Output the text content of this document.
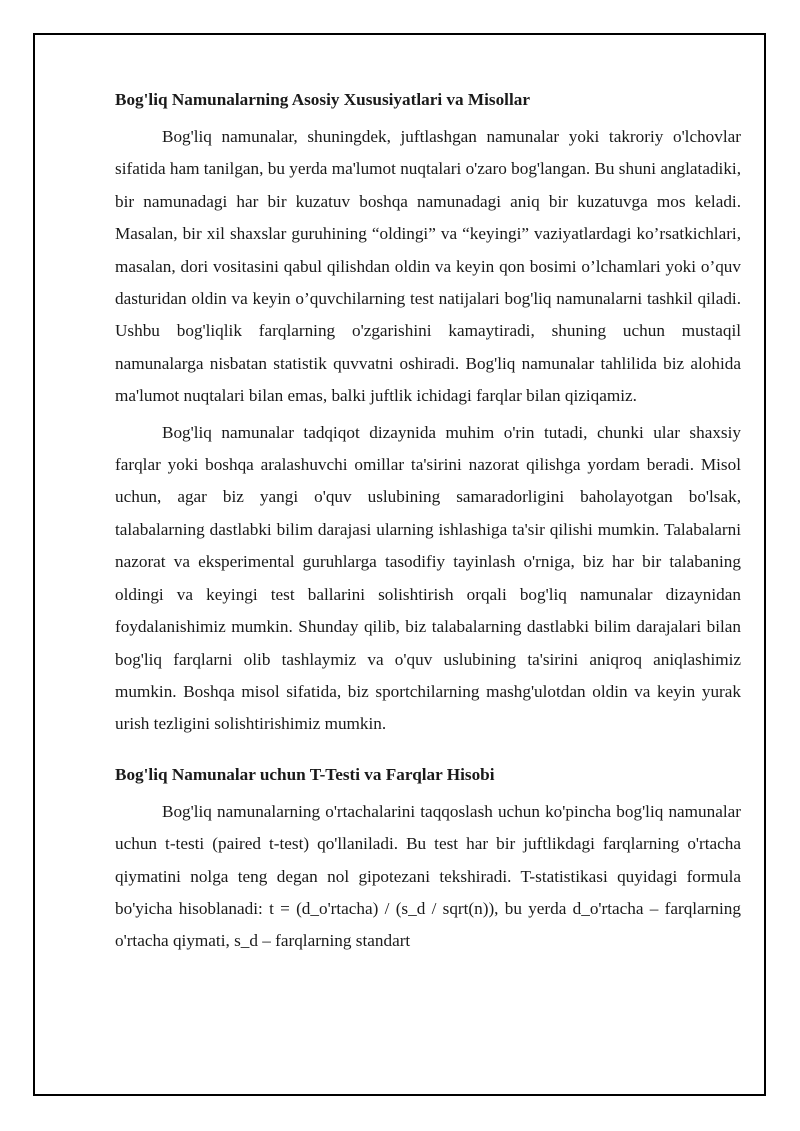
Bog'liq Namunalarning Asosiy Xususiyatlari va Misollar

Bog'liq namunalar, shuningdek, juftlashgan namunalar yoki takroriy o'lchovlar sifatida ham tanilgan, bu yerda ma'lumot nuqtalari o'zaro bog'langan. Bu shuni anglatadiki, bir namunadagi har bir kuzatuv boshqa namunadagi aniq bir kuzatuvga mos keladi. Masalan, bir xil shaxslar guruhining “oldingi” va “keyingi” vaziyatlardagi ko’rsatkichlari, masalan, dori vositasini qabul qilishdan oldin va keyin qon bosimi o’lchamlari yoki o’quv dasturidan oldin va keyin o’quvchilarning test natijalari bog'liq namunalarni tashkil qiladi. Ushbu bog'liqlik farqlarning o'zgarishini kamaytiradi, shuning uchun mustaqil namunalarga nisbatan statistik quvvatni oshiradi. Bog'liq namunalar tahlilida biz alohida ma'lumot nuqtalari bilan emas, balki juftlik ichidagi farqlar bilan qiziqamiz.

Bog'liq namunalar tadqiqot dizaynida muhim o'rin tutadi, chunki ular shaxsiy farqlar yoki boshqa aralashuvchi omillar ta'sirini nazorat qilishga yordam beradi. Misol uchun, agar biz yangi o'quv uslubining samaradorligini baholayotgan bo'lsak, talabalarning dastlabki bilim darajasi ularning ishlashiga ta'sir qilishi mumkin. Talabalarni nazorat va eksperimental guruhlarga tasodifiy tayinlash o'rniga, biz har bir talabaning oldingi va keyingi test ballarini solishtirish orqali bog'liq namunalar dizaynidan foydalanishimiz mumkin. Shunday qilib, biz talabalarning dastlabki bilim darajalari bilan bog'liq farqlarni olib tashlaymiz va o'quv uslubining ta'sirini aniqroq aniqlashimiz mumkin. Boshqa misol sifatida, biz sportchilarning mashg'ulotdan oldin va keyin yurak urish tezligini solishtirishimiz mumkin.

Bog'liq Namunalar uchun T-Testi va Farqlar Hisobi

Bog'liq namunalarning o'rtachalarini taqqoslash uchun ko'pincha bog'liq namunalar uchun t-testi (paired t-test) qo'llaniladi. Bu test har bir juftlikdagi farqlarning o'rtacha qiymatini nolga teng degan nol gipotezani tekshiradi. T-statistikasi quyidagi formula bo'yicha hisoblanadi: t = (d_o'rtacha) / (s_d / sqrt(n)), bu yerda d_o'rtacha – farqlarning o'rtacha qiymati, s_d – farqlarning standart
